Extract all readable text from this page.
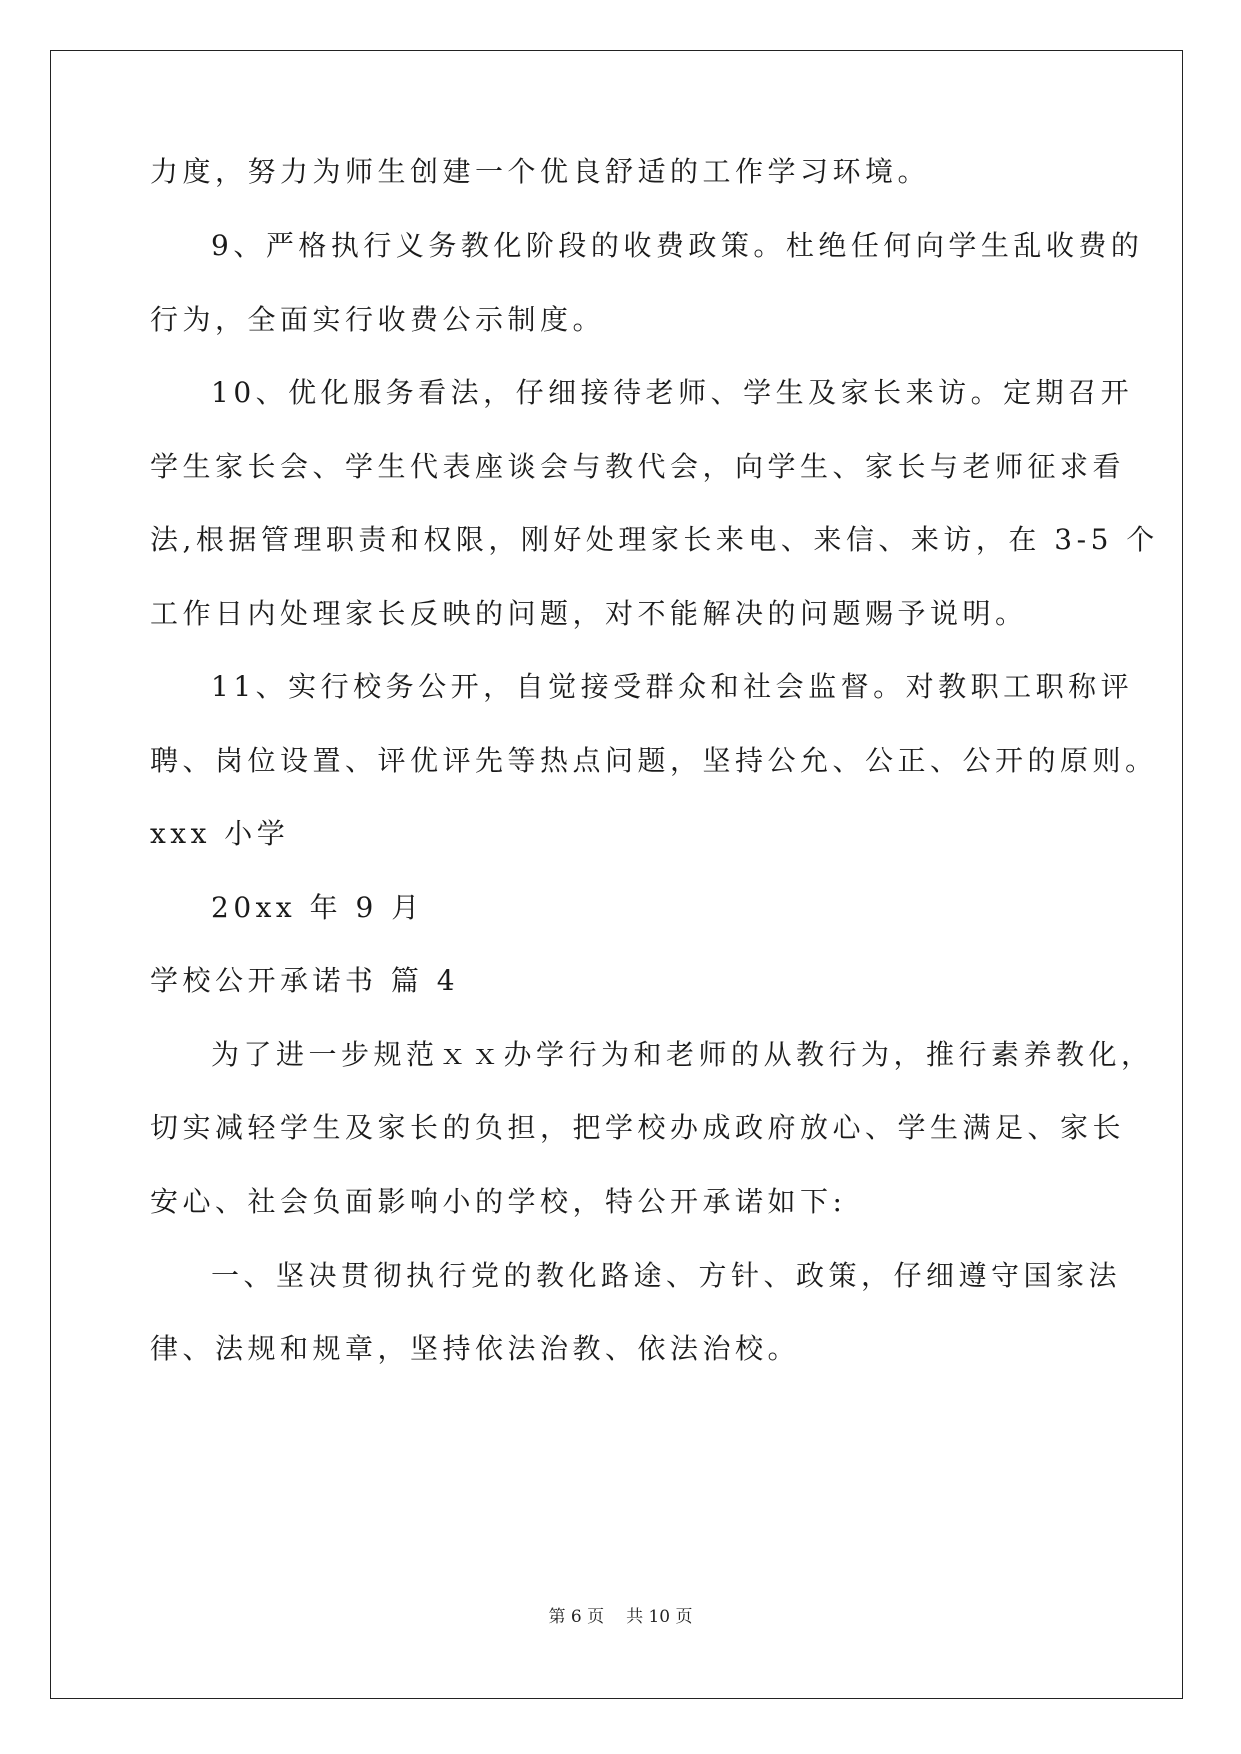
力度，努力为师生创建一个优良舒适的工作学习环境。
9、严格执行义务教化阶段的收费政策。杜绝任何向学生乱收费的
行为，全面实行收费公示制度。
10、优化服务看法，仔细接待老师、学生及家长来访。定期召开
学生家长会、学生代表座谈会与教代会，向学生、家长与老师征求看
法,根据管理职责和权限，刚好处理家长来电、来信、来访，在 3-5 个
工作日内处理家长反映的问题，对不能解决的问题赐予说明。
11、实行校务公开，自觉接受群众和社会监督。对教职工职称评
聘、岗位设置、评优评先等热点问题，坚持公允、公正、公开的原则。
xxx 小学
20xx 年 9 月
学校公开承诺书 篇 4
为了进一步规范ｘｘ办学行为和老师的从教行为，推行素养教化，
切实减轻学生及家长的负担，把学校办成政府放心、学生满足、家长
安心、社会负面影响小的学校，特公开承诺如下:
一、坚决贯彻执行党的教化路途、方针、政策，仔细遵守国家法
律、法规和规章，坚持依法治教、依法治校。
第 6 页 共 10 页
